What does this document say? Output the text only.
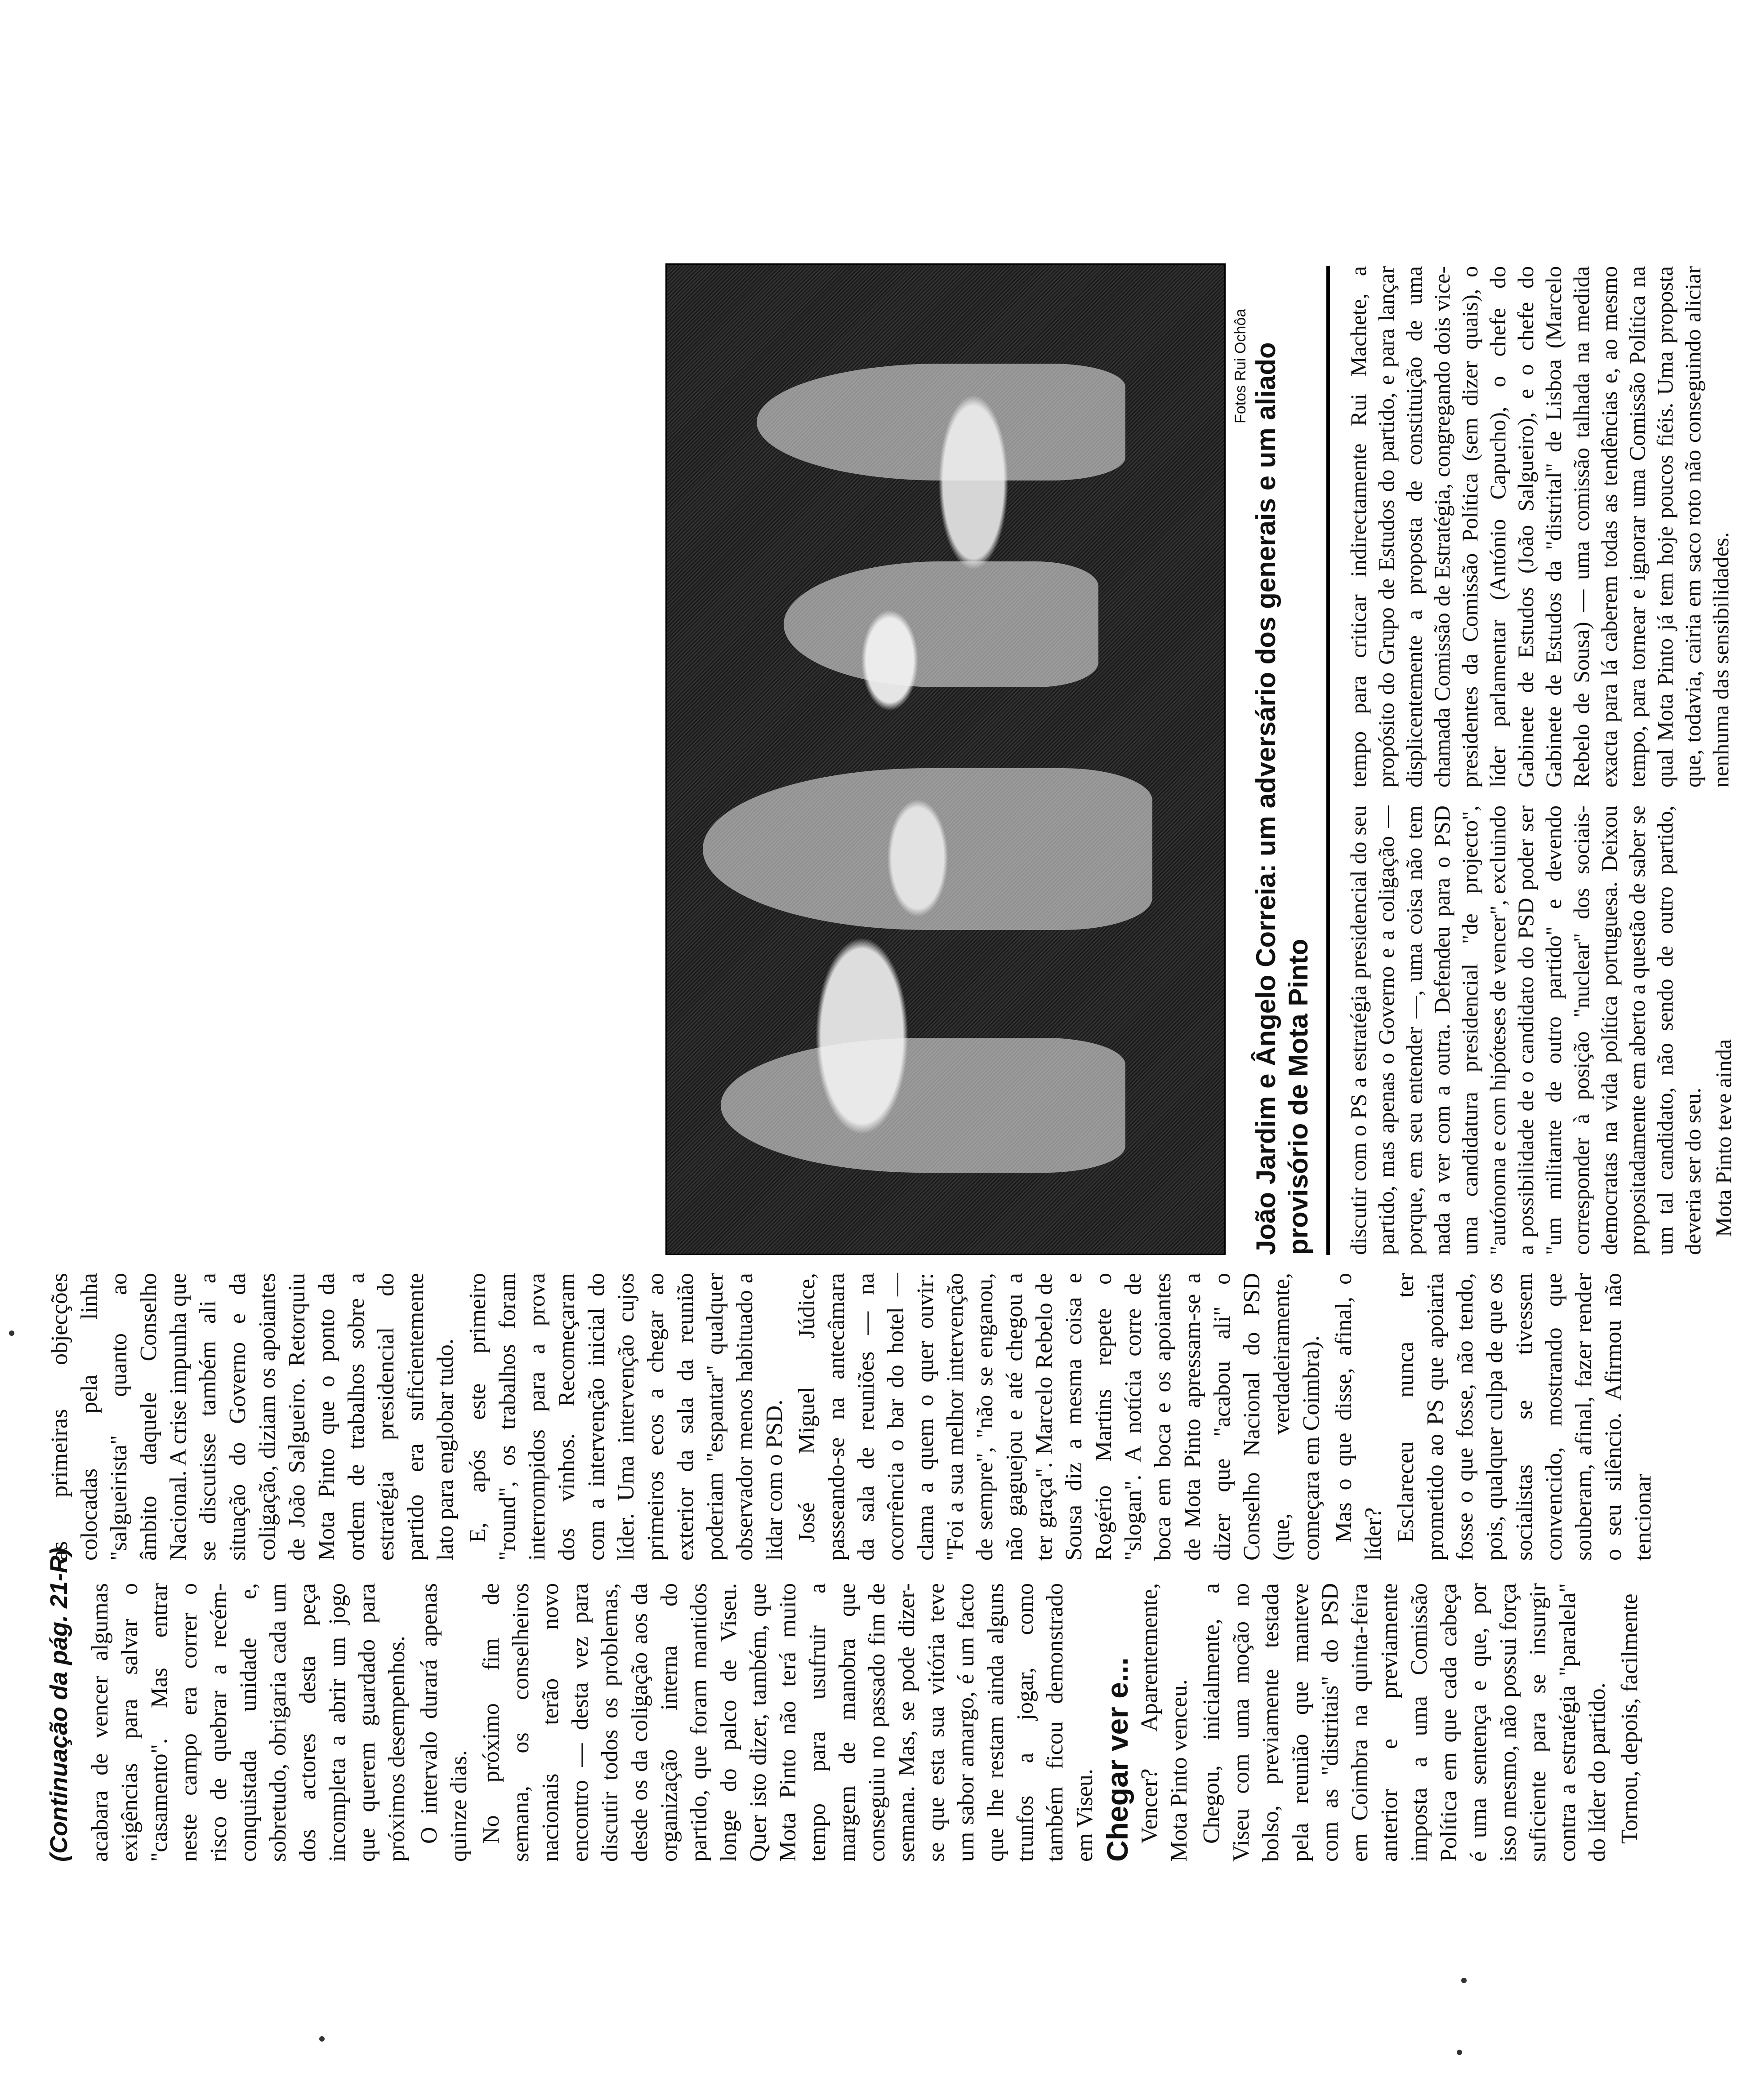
(Continuação da pág. 21-R) acabara de vencer algumas exigências para salvar o "casamento". Mas entrar neste campo era correr o risco de quebrar a recém-conquistada unidade e, sobretudo, obrigaria cada um dos actores desta peça incompleta a abrir um jogo que querem guardado para próximos desempenhos. O intervalo durará apenas quinze dias. No próximo fim de semana, os conselheiros nacionais terão novo encontro — desta vez para discutir todos os problemas, desde os da coligação aos da organização interna do partido, que foram mantidos longe do palco de Viseu. Quer isto dizer, também, que Mota Pinto não terá muito tempo para usufruir a margem de manobra que conseguiu no passado fim de semana. Mas, se pode dizer-se que esta sua vitória teve um sabor amargo, é um facto que lhe restam ainda alguns trunfos a jogar, como também ficou demonstrado em Viseu. Chegar ver e... Vencer? Aparentemente, Mota Pinto venceu. Chegou, inicialmente, a Viseu com uma moção no bolso, previamente testada pela reunião que manteve com as "distritais" do PSD em Coimbra na quinta-feira anterior e previamente imposta a uma Comissão Política em que cada cabeça é uma sentença e que, por isso mesmo, não possui força suficiente para se insurgir contra a estratégia "paralela" do líder do partido. Tornou, depois, facilmente

as primeiras objecções colocadas pela linha "salgueirista" quanto ao âmbito daquele Conselho Nacional. A crise impunha que se discutisse também ali a situação do Governo e da coligação, diziam os apoiantes de João Salgueiro. Retorquiu Mota Pinto que o ponto da ordem de trabalhos sobre a estratégia presidencial do partido era suficientemente lato para englobar tudo. E, após este primeiro "round", os trabalhos foram interrompidos para a prova dos vinhos. Recomeçaram com a intervenção inicial do líder. Uma intervenção cujos primeiros ecos a chegar ao exterior da sala da reunião poderiam "espantar" qualquer observador menos habituado a lidar com o PSD. José Miguel Júdice, passeando-se na antecâmara da sala de reuniões — na ocorrência o bar do hotel — clama a quem o quer ouvir: "Foi a sua melhor intervenção de sempre", "não se enganou, não gaguejou e até chegou a ter graça". Marcelo Rebelo de Sousa diz a mesma coisa e Rogério Martins repete o "slogan". A notícia corre de boca em boca e os apoiantes de Mota Pinto apressam-se a dizer que "acabou ali" o Conselho Nacional do PSD (que, verdadeiramente, começara em Coimbra). Mas o que disse, afinal, o líder? Esclareceu nunca ter prometido ao PS que apoiaria fosse o que fosse, não tendo, pois, qualquer culpa de que os socialistas se tivessem convencido, mostrando que souberam, afinal, fazer render o seu silêncio. Afirmou não tencionar

Fotos Rui Ochôa João Jardim e Ângelo Correia: um adversário dos generais e um aliado provisório de Mota Pinto discutir com o PS a estratégia presidencial do seu partido, mas apenas o Governo e a coligação — porque, em seu entender —, uma coisa não tem nada a ver com a outra. Defendeu para o PSD uma candidatura presidencial "de projecto", "autónoma e com hipóteses de vencer", excluindo a possibilidade de o candidato do PSD poder ser "um militante de outro partido" e devendo corresponder à posição "nuclear" dos sociais-democratas na vida política portuguesa. Deixou propositadamente em aberto a questão de saber se um tal candidato, não sendo de outro partido, deveria ser do seu. Mota Pinto teve ainda

tempo para criticar indirectamente Rui Machete, a propósito do Grupo de Estudos do partido, e para lançar displicentemente a proposta de constituição de uma chamada Comissão de Estratégia, congregando dois vice-presidentes da Comissão Política (sem dizer quais), o líder parlamentar (António Capucho), o chefe do Gabinete de Estudos (João Salgueiro), e o chefe do Gabinete de Estudos da "distrital" de Lisboa (Marcelo Rebelo de Sousa) — uma comissão talhada na medida exacta para lá caberem todas as tendências e, ao mesmo tempo, para tornear e ignorar uma Comissão Política na qual Mota Pinto já tem hoje poucos fiéis. Uma proposta que, todavia, cairia em saco roto não conseguindo aliciar nenhuma das sensibilidades.
